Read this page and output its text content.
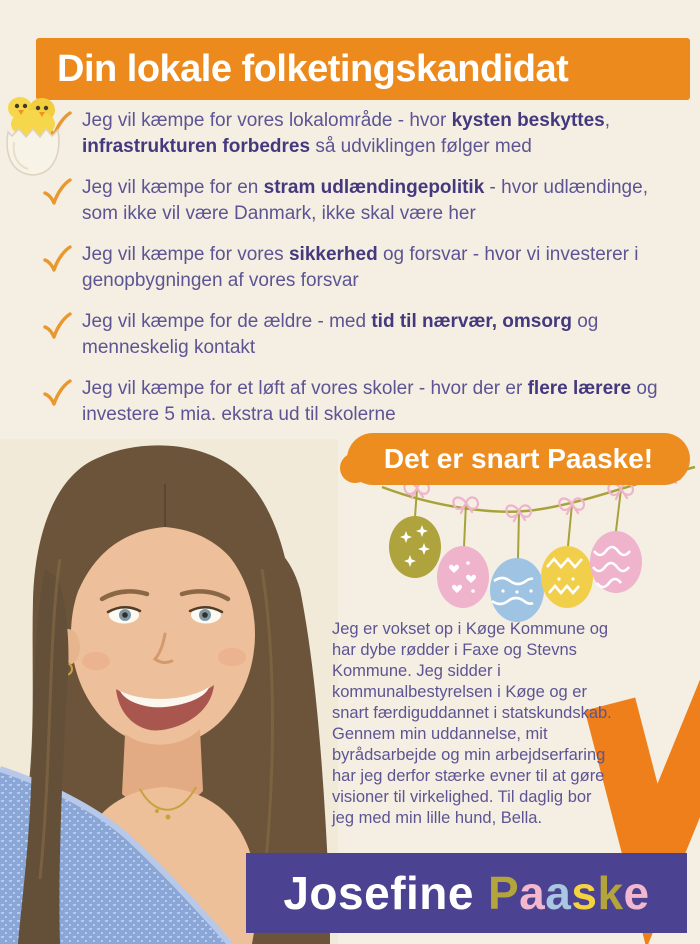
Din lokale folketingskandidat

Jeg vil kæmpe for vores lokalområde - hvor kysten beskyttes, infrastrukturen forbedres så udviklingen følger med

Jeg vil kæmpe for en stram udlændingepolitik - hvor udlændinge, som ikke vil være Danmark, ikke skal være her

Jeg vil kæmpe for vores sikkerhed og forsvar - hvor vi investerer i genopbygningen af vores forsvar

Jeg vil kæmpe for de ældre - med tid til nærvær, omsorg og menneskelig kontakt

Jeg vil kæmpe for et løft af vores skoler - hvor der er flere lærere og investere 5 mia. ekstra ud til skolerne

Det er snart Paaske!

Jeg er vokset op i Køge Kommune og har dybe rødder i Faxe og Stevns Kommune. Jeg sidder i kommunalbestyrelsen i Køge og er snart færdiguddannet i statskundskab. Gennem min uddannelse, mit byrådsarbejde og min arbejdserfaring har jeg derfor stærke evner til at gøre visioner til virkelighed. Til daglig bor jeg med min lille hund, Bella.

Josefine Paaske
